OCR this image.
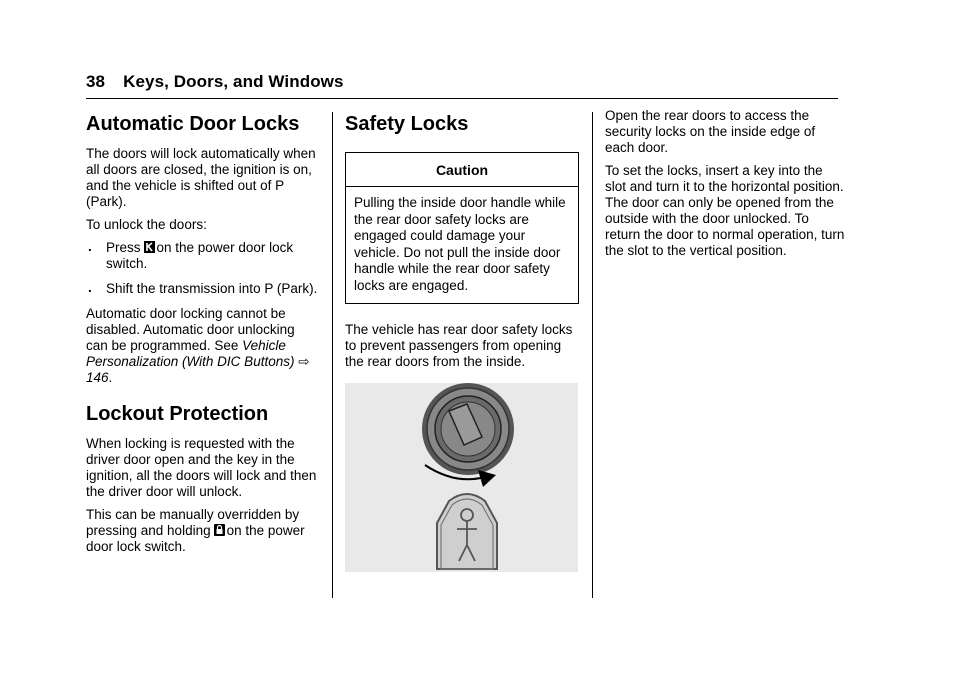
38 Keys, Doors, and Windows
Automatic Door Locks

The doors will lock automatically when all doors are closed, the ignition is on, and the vehicle is shifted out of P (Park).

To unlock the doors:

. Press on the power door lock switch.
. Shift the transmission into P (Park).

Automatic door locking cannot be disabled. Automatic door unlocking can be programmed. See Vehicle Personalization (With DIC Buttons) ⇨ 146.

Lockout Protection

When locking is requested with the driver door open and the key in the ignition, all the doors will lock and then the driver door will unlock.

This can be manually overridden by pressing and holding on the power door lock switch.

Safety Locks
Caution
Pulling the inside door handle while the rear door safety locks are engaged could damage your vehicle. Do not pull the inside door handle while the rear door safety locks are engaged.

The vehicle has rear door safety locks to prevent passengers from opening the rear doors from the inside.

Open the rear doors to access the security locks on the inside edge of each door.

To set the locks, insert a key into the slot and turn it to the horizontal position. The door can only be opened from the outside with the door unlocked. To return the door to normal operation, turn the slot to the vertical position.
